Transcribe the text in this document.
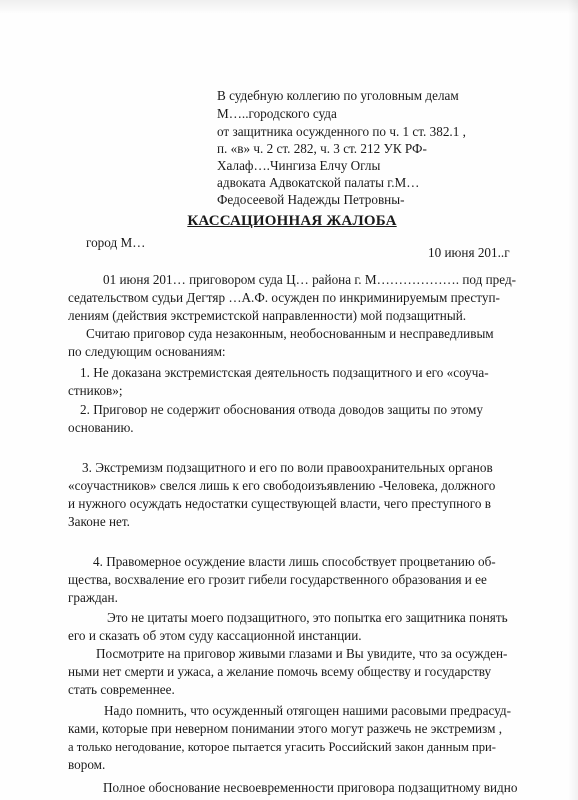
В судебную коллегию по уголовным делам
М…..городского суда
от защитника осужденного по ч. 1 ст. 382.1 ,
п. «в» ч. 2 ст. 282, ч. 3 ст. 212 УК РФ-
Халаф….Чингиза Елчу Оглы
адвоката Адвокатской палаты г.М…
Федосеевой Надежды Петровны-
КАССАЦИОННАЯ ЖАЛОБА
город М…
10 июня 201..г
01 июня 201… приговором суда Ц… района г. М………………. под пред-
седательством судьи Дегтяр …А.Ф. осужден по инкриминируемым преступ-
лениям (действия экстремистской направленности) мой подзащитный.
Считаю приговор суда незаконным, необоснованным и несправедливым
по следующим основаниям:
1. Не доказана экстремистская деятельность подзащитного и его «соуча-
стников»;
2. Приговор не содержит обоснования отвода доводов защиты по этому
основанию.
3. Экстремизм подзащитного и его по воли правоохранительных органов
«соучастников» свелся лишь к его свободоизъявлению -Человека, должного
и нужного осуждать недостатки существующей власти, чего преступного в
Законе нет.
4. Правомерное осуждение власти лишь способствует процветанию об-
щества, восхваление его грозит гибели государственного образования и ее
граждан.
Это не цитаты моего подзащитного, это попытка его защитника понять
его и сказать об этом суду кассационной инстанции.
Посмотрите на приговор живыми глазами и Вы увидите, что за осужден-
ными нет смерти и ужаса, а желание помочь всему обществу и государству
стать современнее.
Надо помнить, что осужденный отягощен нашими расовыми предрасуд-
ками, которые при неверном понимании этого могут разжечь не экстремизм ,
а только негодование, которое пытается угасить Российский закон данным при-
вором.
Полное обоснование несвоевременности приговора подзащитному видно
